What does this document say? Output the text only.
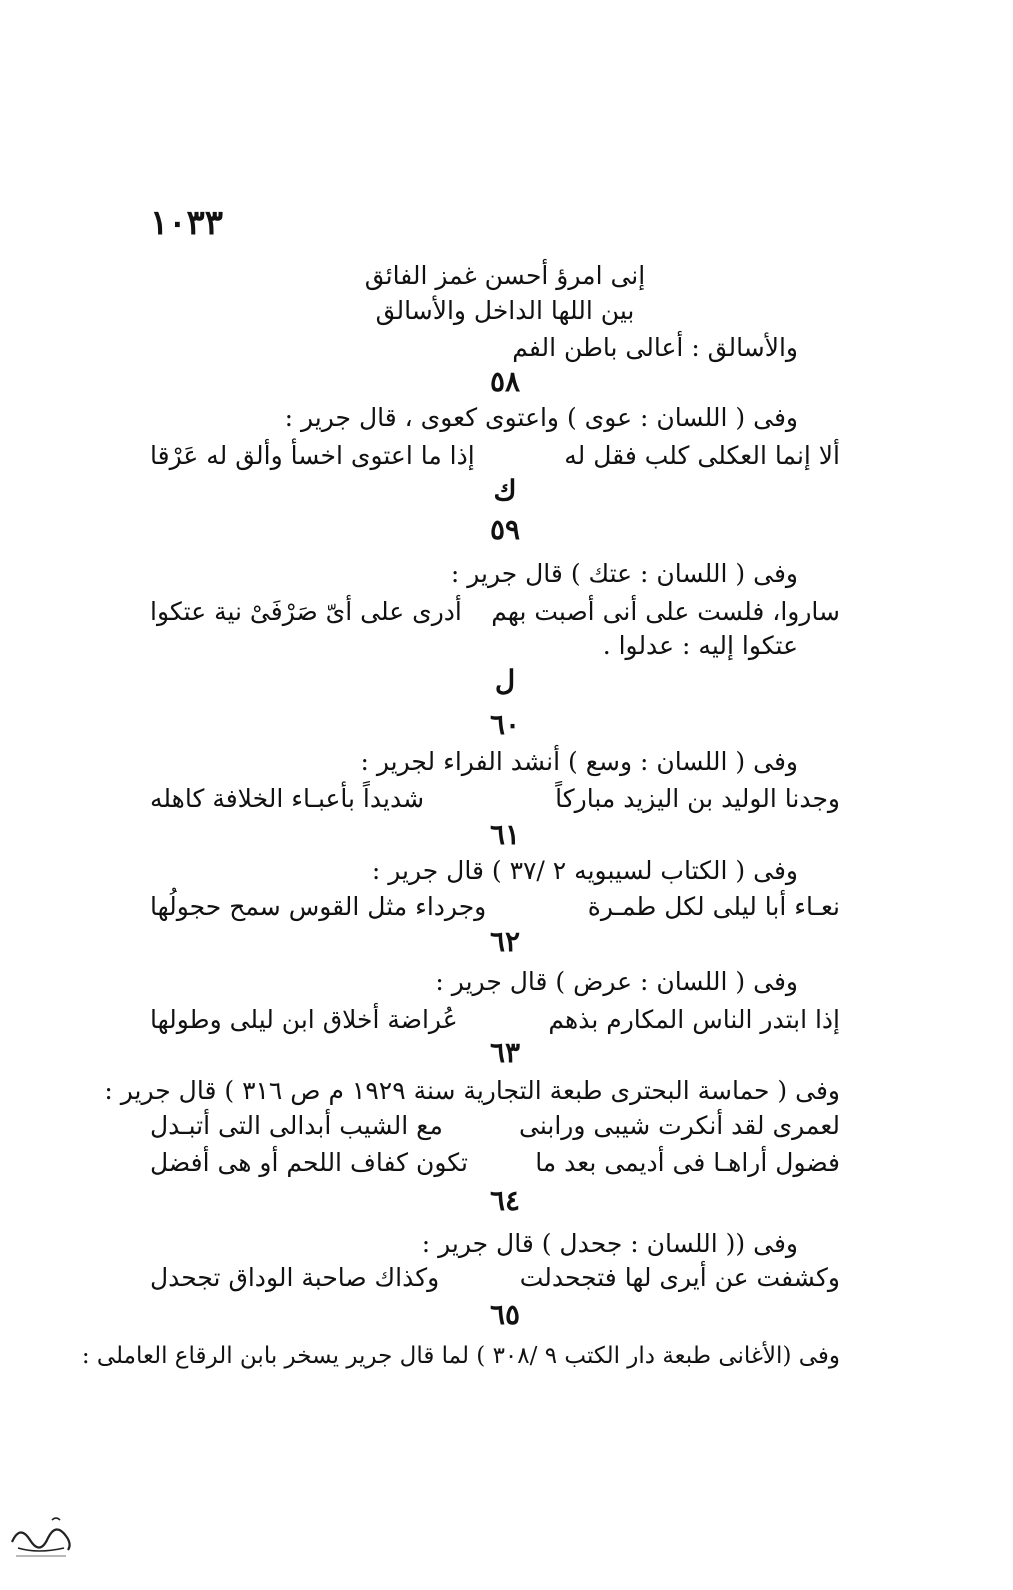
١٠٣٣
إنى امرؤ أحسن غمز الفائق
بين اللها الداخل والأسالق
والأسالق : أعالى باطن الفم
٥٨
وفى ( اللسان : عوى ) واعتوى كعوى ، قال جرير :
ألا إنما العكلى كلب فقل له
إذا ما اعتوى اخسأ وألق له عَرْقا
ك
٥٩
وفى ( اللسان : عتك ) قال جرير :
ساروا، فلست على أنى أصبت بهم
أدرى على أىّ صَرْفَىْ نية عتكوا
عتكوا إليه : عدلوا .
ل
٦٠
وفى ( اللسان : وسع ) أنشد الفراء لجرير :
وجدنا الوليد بن اليزيد مباركاً
شديداً بأعبـاء الخلافة كاهله
٦١
وفى ( الكتاب لسيبويه ٢ /٣٧ ) قال جرير :
نعـاء أبا ليلى لكل طمـرة
وجرداء مثل القوس سمح حجولُها
٦٢
وفى ( اللسان : عرض ) قال جرير :
إذا ابتدر الناس المكارم بذهم
عُراضة أخلاق ابن ليلى وطولها
٦٣
وفى ( حماسة البحترى طبعة التجارية سنة ١٩٢٩ م ص ٣١٦ ) قال جرير :
لعمرى لقد أنكرت شيبى ورابنى
مع الشيب أبدالى التى أتبـدل
فضول أراهـا فى أديمى بعد ما
تكون كفاف اللحم أو هى أفضل
٦٤
وفى (( اللسان : جحدل ) قال جرير :
وكشفت عن أيرى لها فتجحدلت
وكذاك صاحبة الوداق تجحدل
٦٥
وفى (الأغانى طبعة دار الكتب ٩ /٣٠٨ ) لما قال جرير يسخر بابن الرقاع العاملى :
